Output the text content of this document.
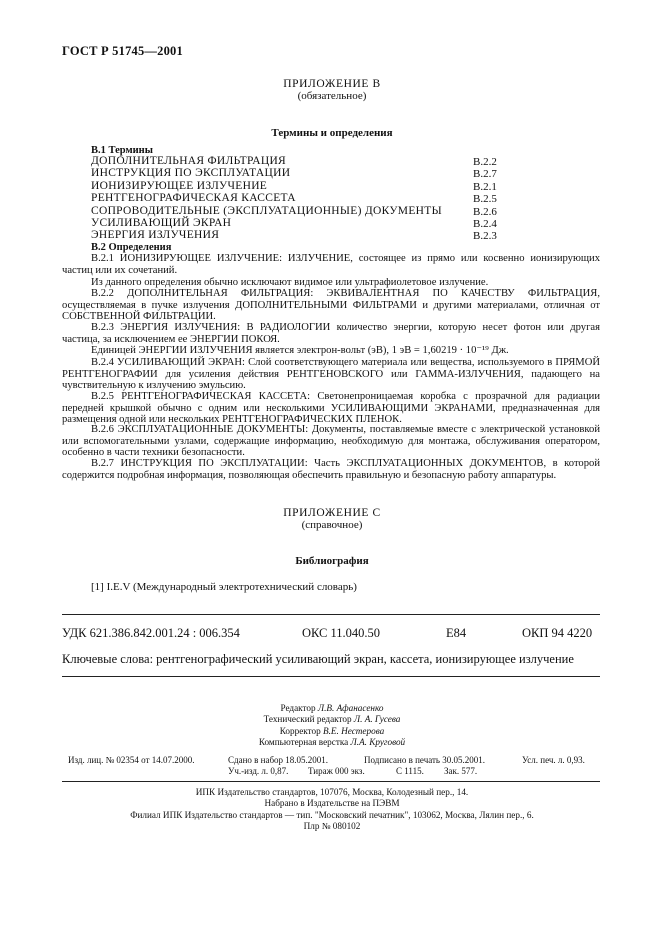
ГОСТ Р 51745—2001
ПРИЛОЖЕНИЕ В
(обязательное)
Термины и определения
В.1 Термины
ДОПОЛНИТЕЛЬНАЯ ФИЛЬТРАЦИЯ	В.2.2
ИНСТРУКЦИЯ ПО ЭКСПЛУАТАЦИИ	В.2.7
ИОНИЗИРУЮЩЕЕ ИЗЛУЧЕНИЕ	В.2.1
РЕНТГЕНОГРАФИЧЕСКАЯ КАССЕТА	В.2.5
СОПРОВОДИТЕЛЬНЫЕ (ЭКСПЛУАТАЦИОННЫЕ) ДОКУМЕНТЫ	В.2.6
УСИЛИВАЮЩИЙ ЭКРАН	В.2.4
ЭНЕРГИЯ ИЗЛУЧЕНИЯ	В.2.3
В.2 Определения
В.2.1 ИОНИЗИРУЮЩЕЕ ИЗЛУЧЕНИЕ: ИЗЛУЧЕНИЕ, состоящее из прямо или косвенно ионизирующих частиц или их сочетаний.
Из данного определения обычно исключают видимое или ультрафиолетовое излучение.
В.2.2 ДОПОЛНИТЕЛЬНАЯ ФИЛЬТРАЦИЯ: ЭКВИВАЛЕНТНАЯ ПО КАЧЕСТВУ ФИЛЬТРАЦИЯ, осуществляемая в пучке излучения ДОПОЛНИТЕЛЬНЫМИ ФИЛЬТРАМИ и другими материалами, отличная от СОБСТВЕННОЙ ФИЛЬТРАЦИИ.
В.2.3 ЭНЕРГИЯ ИЗЛУЧЕНИЯ: В РАДИОЛОГИИ количество энергии, которую несет фотон или другая частица, за исключением ее ЭНЕРГИИ ПОКОЯ.
Единицей ЭНЕРГИИ ИЗЛУЧЕНИЯ является электрон-вольт (эВ), 1 эВ = 1,60219 · 10⁻¹⁹ Дж.
В.2.4 УСИЛИВАЮЩИЙ ЭКРАН: Слой соответствующего материала или вещества, используемого в ПРЯМОЙ РЕНТГЕНОГРАФИИ для усиления действия РЕНТГЕНОВСКОГО или ГАММА-ИЗЛУЧЕНИЯ, падающего на чувствительную к излучению эмульсию.
В.2.5 РЕНТГЕНОГРАФИЧЕСКАЯ КАССЕТА: Светонепроницаемая коробка с прозрачной для радиации передней крышкой обычно с одним или несколькими УСИЛИВАЮЩИМИ ЭКРАНАМИ, предназначенная для размещения одной или нескольких РЕНТГЕНОГРАФИЧЕСКИХ ПЛЕНОК.
В.2.6 ЭКСПЛУАТАЦИОННЫЕ ДОКУМЕНТЫ: Документы, поставляемые вместе с электрической установкой или вспомогательными узлами, содержащие информацию, необходимую для монтажа, обслуживания оператором, особенно в части техники безопасности.
В.2.7 ИНСТРУКЦИЯ ПО ЭКСПЛУАТАЦИИ: Часть ЭКСПЛУАТАЦИОННЫХ ДОКУМЕНТОВ, в которой содержится подробная информация, позволяющая обеспечить правильную и безопасную работу аппаратуры.
ПРИЛОЖЕНИЕ С
(справочное)
Библиография
[1] I.E.V (Международный электротехнический словарь)
УДК 621.386.842.001.24 : 006.354	ОКС 11.040.50	Е84	ОКП 94 4220
Ключевые слова: рентгенографический усиливающий экран, кассета, ионизирующее излучение
Редактор Л.В. Афанасенко
Технический редактор Л. А. Гусева
Корректор В.Е. Нестерова
Компьютерная верстка Л.А. Круговой
Изд. лиц. № 02354 от 14.07.2000.	Сдано в набор 18.05.2001.	Подписано в печать 30.05.2001.	Усл. печ. л. 0,93.
Уч.-изд. л. 0,87. Тираж 000 экз.	С 1115. Зак. 577.
ИПК Издательство стандартов, 107076, Москва, Колодезный пер., 14.
Набрано в Издательстве на ПЭВМ
Филиал ИПК Издательство стандартов — тип. "Московский печатник", 103062, Москва, Лялин пер., 6.
Плр № 080102
